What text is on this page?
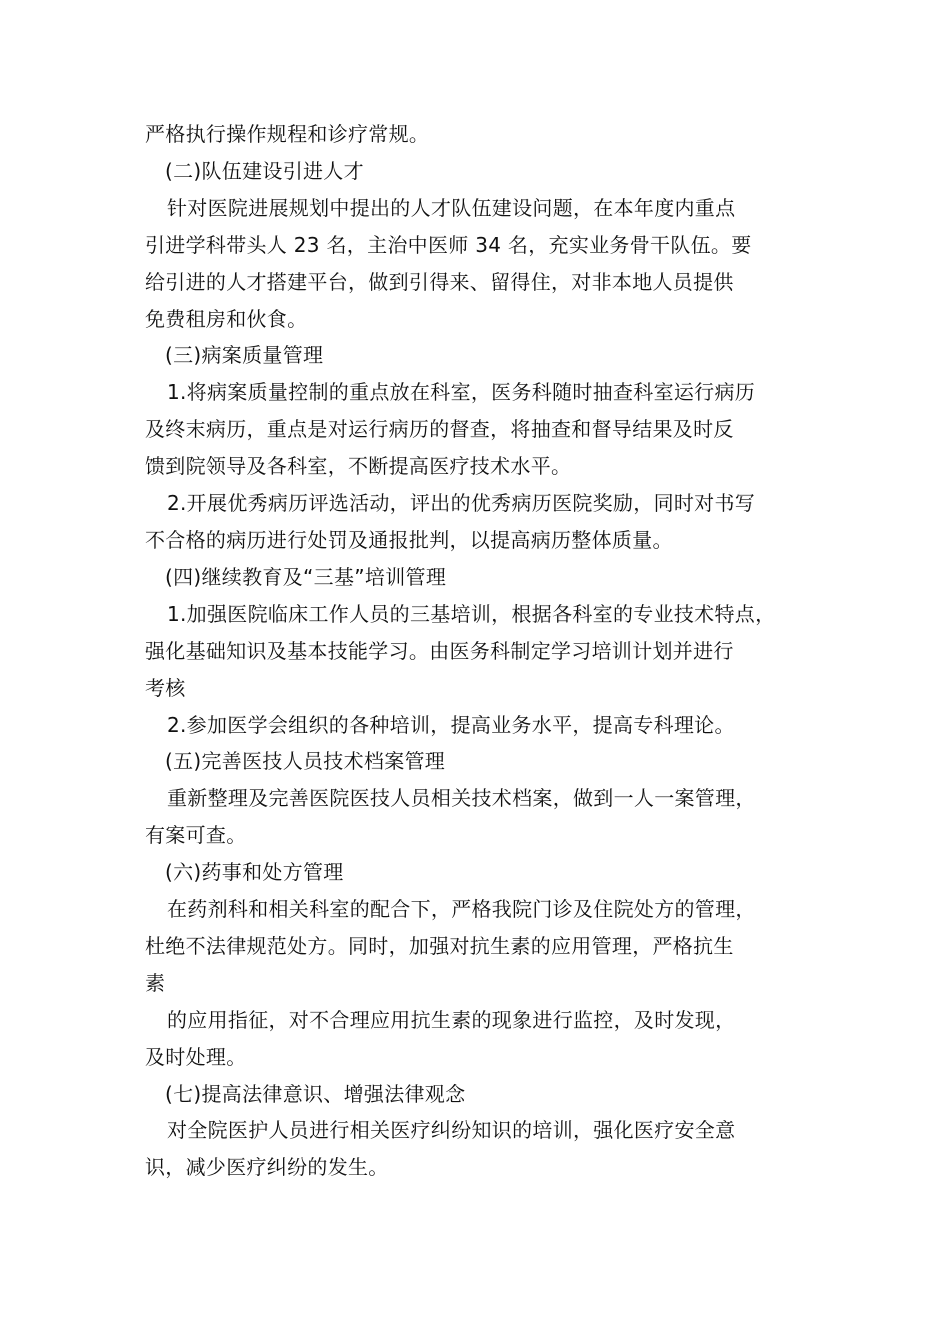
严格执行操作规程和诊疗常规。
(二)队伍建设引进人才
针对医院进展规划中提出的人才队伍建设问题，在本年度内重点
引进学科带头人 23 名，主治中医师 34 名，充实业务骨干队伍。要
给引进的人才搭建平台，做到引得来、留得住，对非本地人员提供
免费租房和伙食。
(三)病案质量管理
1.将病案质量控制的重点放在科室，医务科随时抽查科室运行病历
及终末病历，重点是对运行病历的督查，将抽查和督导结果及时反
馈到院领导及各科室，不断提高医疗技术水平。
2.开展优秀病历评选活动，评出的优秀病历医院奖励，同时对书写
不合格的病历进行处罚及通报批判，以提高病历整体质量。
(四)继续教育及“三基”培训管理
1.加强医院临床工作人员的三基培训，根据各科室的专业技术特点，
强化基础知识及基本技能学习。由医务科制定学习培训计划并进行
考核
2.参加医学会组织的各种培训，提高业务水平，提高专科理论。
(五)完善医技人员技术档案管理
重新整理及完善医院医技人员相关技术档案，做到一人一案管理，
有案可查。
(六)药事和处方管理
在药剂科和相关科室的配合下，严格我院门诊及住院处方的管理，
杜绝不法律规范处方。同时，加强对抗生素的应用管理，严格抗生
素
的应用指征，对不合理应用抗生素的现象进行监控，及时发现，
及时处理。
(七)提高法律意识、增强法律观念
对全院医护人员进行相关医疗纠纷知识的培训，强化医疗安全意
识，减少医疗纠纷的发生。
